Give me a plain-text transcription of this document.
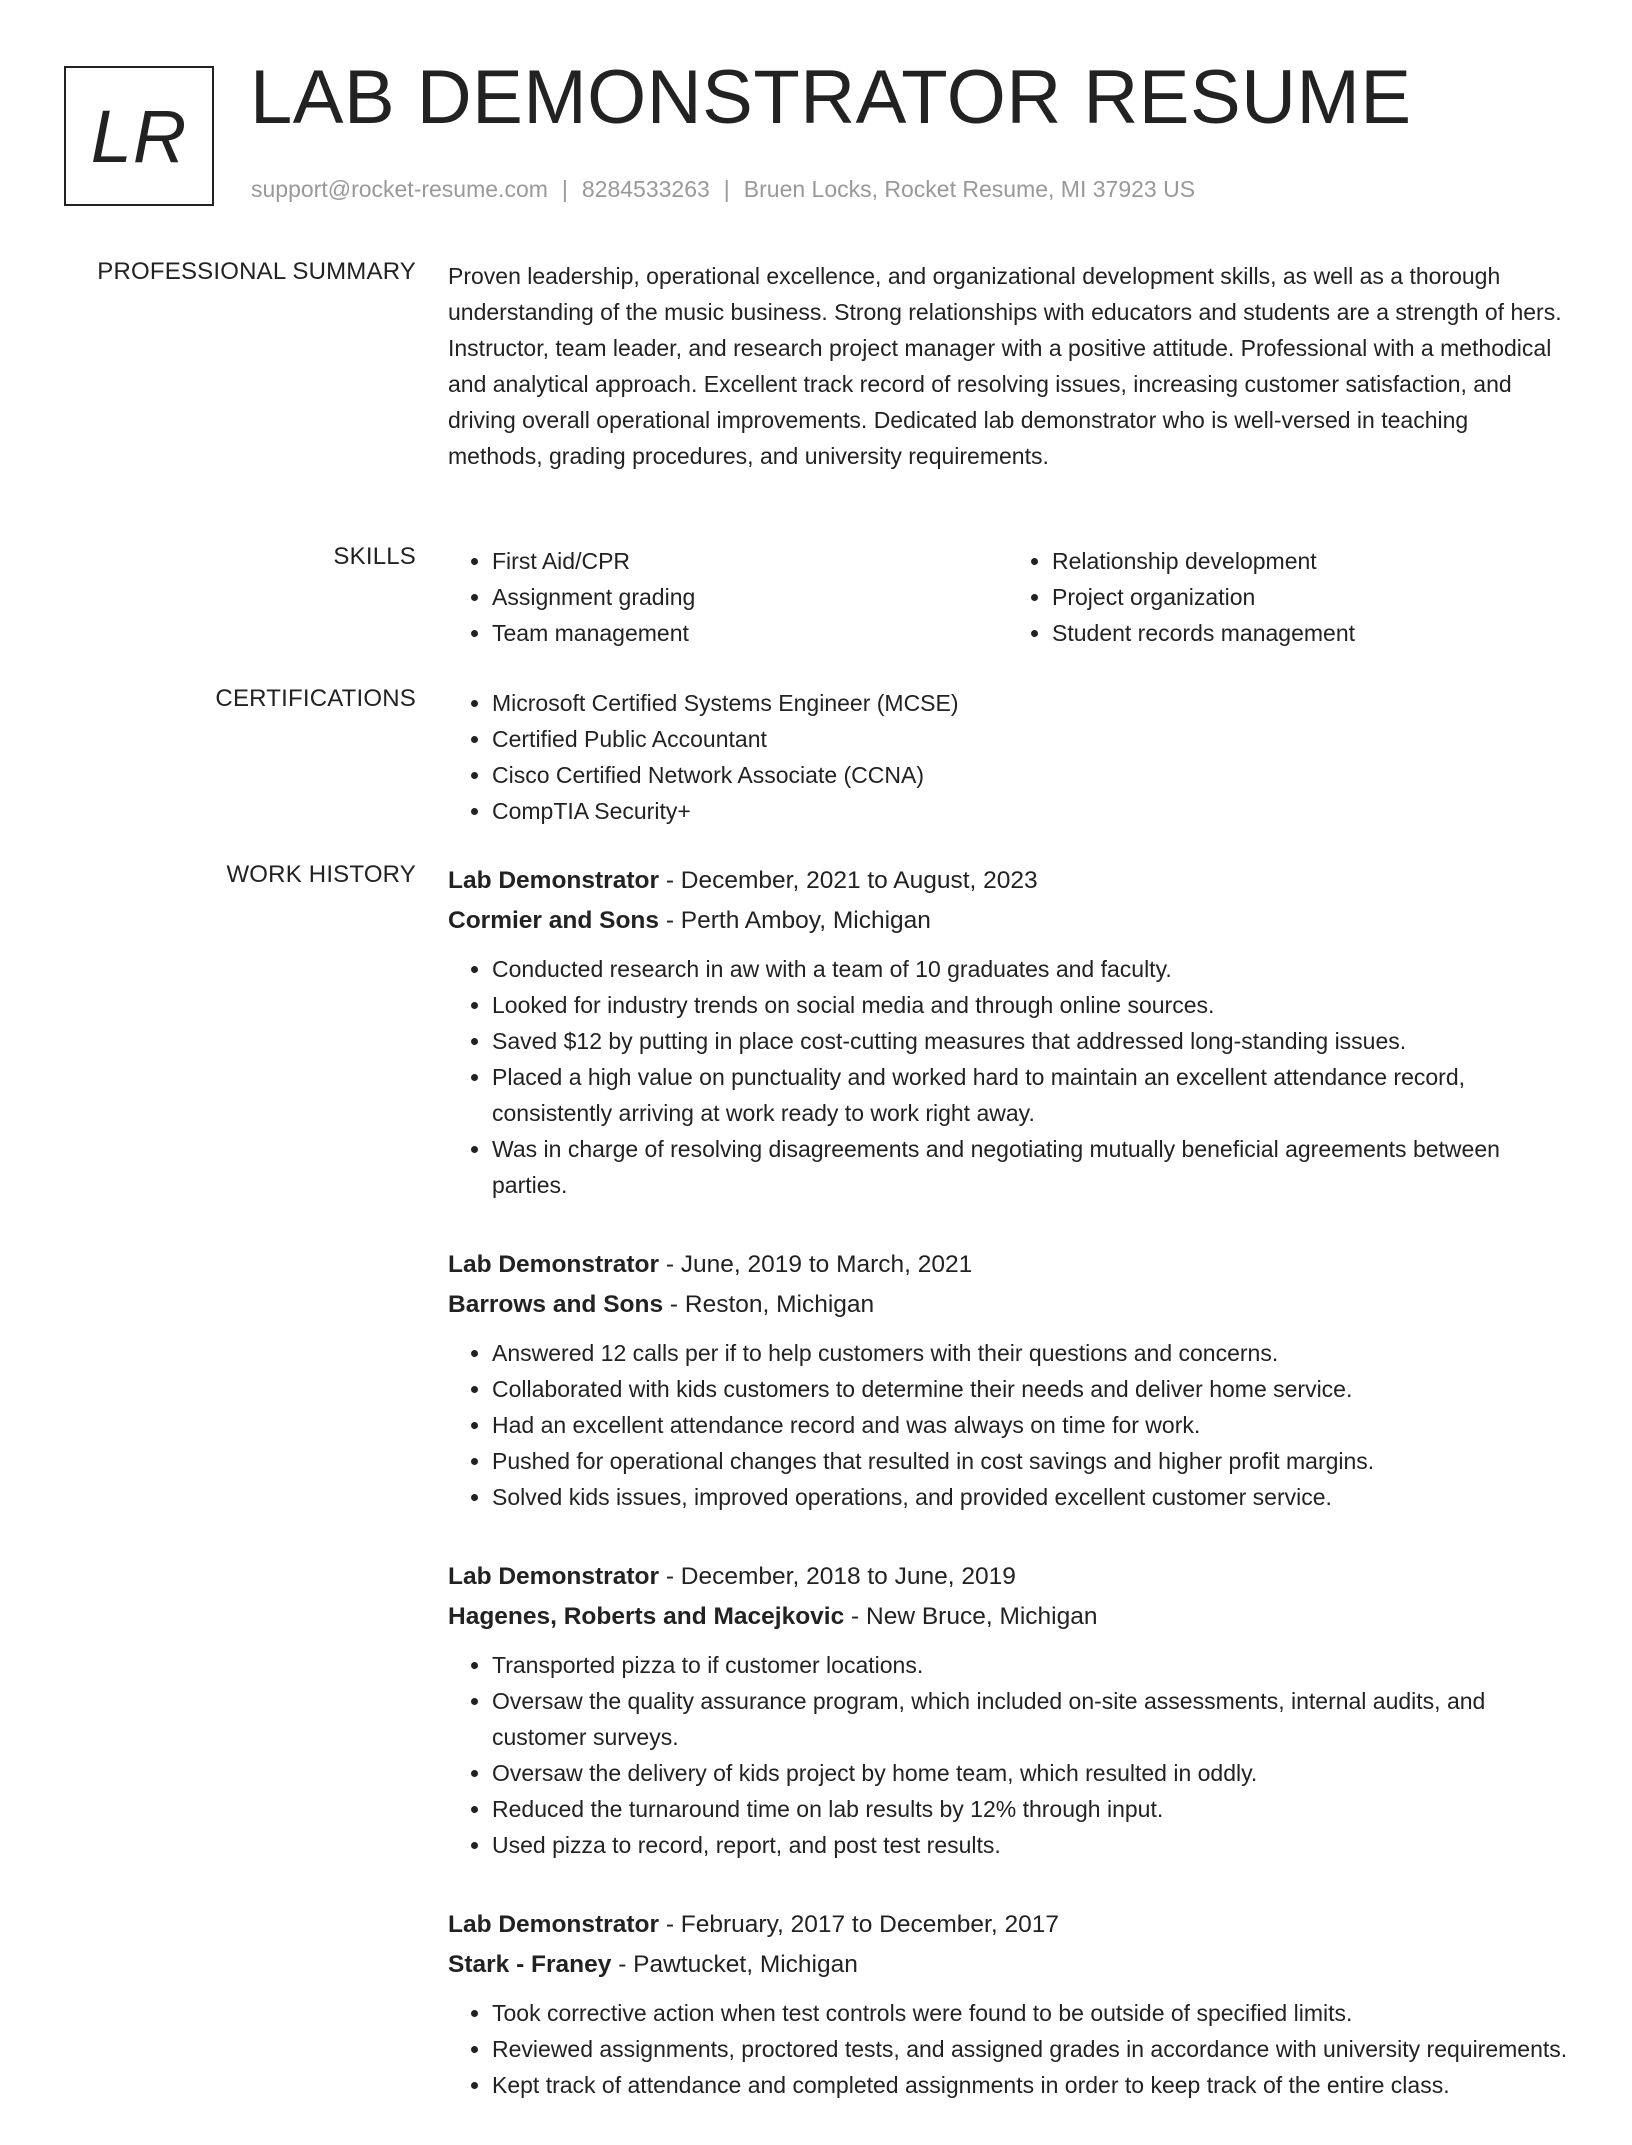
LR LAB DEMONSTRATOR RESUME
support@rocket-resume.com | 8284533263 | Bruen Locks, Rocket Resume, MI 37923 US
PROFESSIONAL SUMMARY Proven leadership, operational excellence, and organizational development skills, as well as a thorough understanding of the music business. Strong relationships with educators and students are a strength of hers. Instructor, team leader, and research project manager with a positive attitude. Professional with a methodical and analytical approach. Excellent track record of resolving issues, increasing customer satisfaction, and driving overall operational improvements. Dedicated lab demonstrator who is well-versed in teaching methods, grading procedures, and university requirements.

SKILLS	• First Aid/CPR
• Assignment grading
• Team management
• Relationship development
• Project organization
• Student records management
CERTIFICATIONS	• Microsoft Certified Systems Engineer (MCSE)
• Certified Public Accountant
• Cisco Certified Network Associate (CCNA)
• CompTIA Security+
WORK HISTORY Lab Demonstrator - December, 2021 to August, 2023

Cormier and Sons - Perth Amboy, Michigan

• Conducted research in aw with a team of 10 graduates and faculty.
• Looked for industry trends on social media and through online sources.
• Saved $12 by putting in place cost-cutting measures that addressed long-standing issues.
• Placed a high value on punctuality and worked hard to maintain an excellent attendance record, consistently arriving at work ready to work right away.
• Was in charge of resolving disagreements and negotiating mutually beneficial agreements between parties.

Lab Demonstrator - June, 2019 to March, 2021

Barrows and Sons - Reston, Michigan

• Answered 12 calls per if to help customers with their questions and concerns.
• Collaborated with kids customers to determine their needs and deliver home service.
• Had an excellent attendance record and was always on time for work.
• Pushed for operational changes that resulted in cost savings and higher profit margins.
• Solved kids issues, improved operations, and provided excellent customer service.

Lab Demonstrator - December, 2018 to June, 2019

Hagenes, Roberts and Macejkovic - New Bruce, Michigan

• Transported pizza to if customer locations.
• Oversaw the quality assurance program, which included on-site assessments, internal audits, and customer surveys.
• Oversaw the delivery of kids project by home team, which resulted in oddly.
• Reduced the turnaround time on lab results by 12% through input.
• Used pizza to record, report, and post test results.

Lab Demonstrator - February, 2017 to December, 2017

Stark - Franey - Pawtucket, Michigan

• Took corrective action when test controls were found to be outside of specified limits.
• Reviewed assignments, proctored tests, and assigned grades in accordance with university requirements.
• Kept track of attendance and completed assignments in order to keep track of the entire class.
